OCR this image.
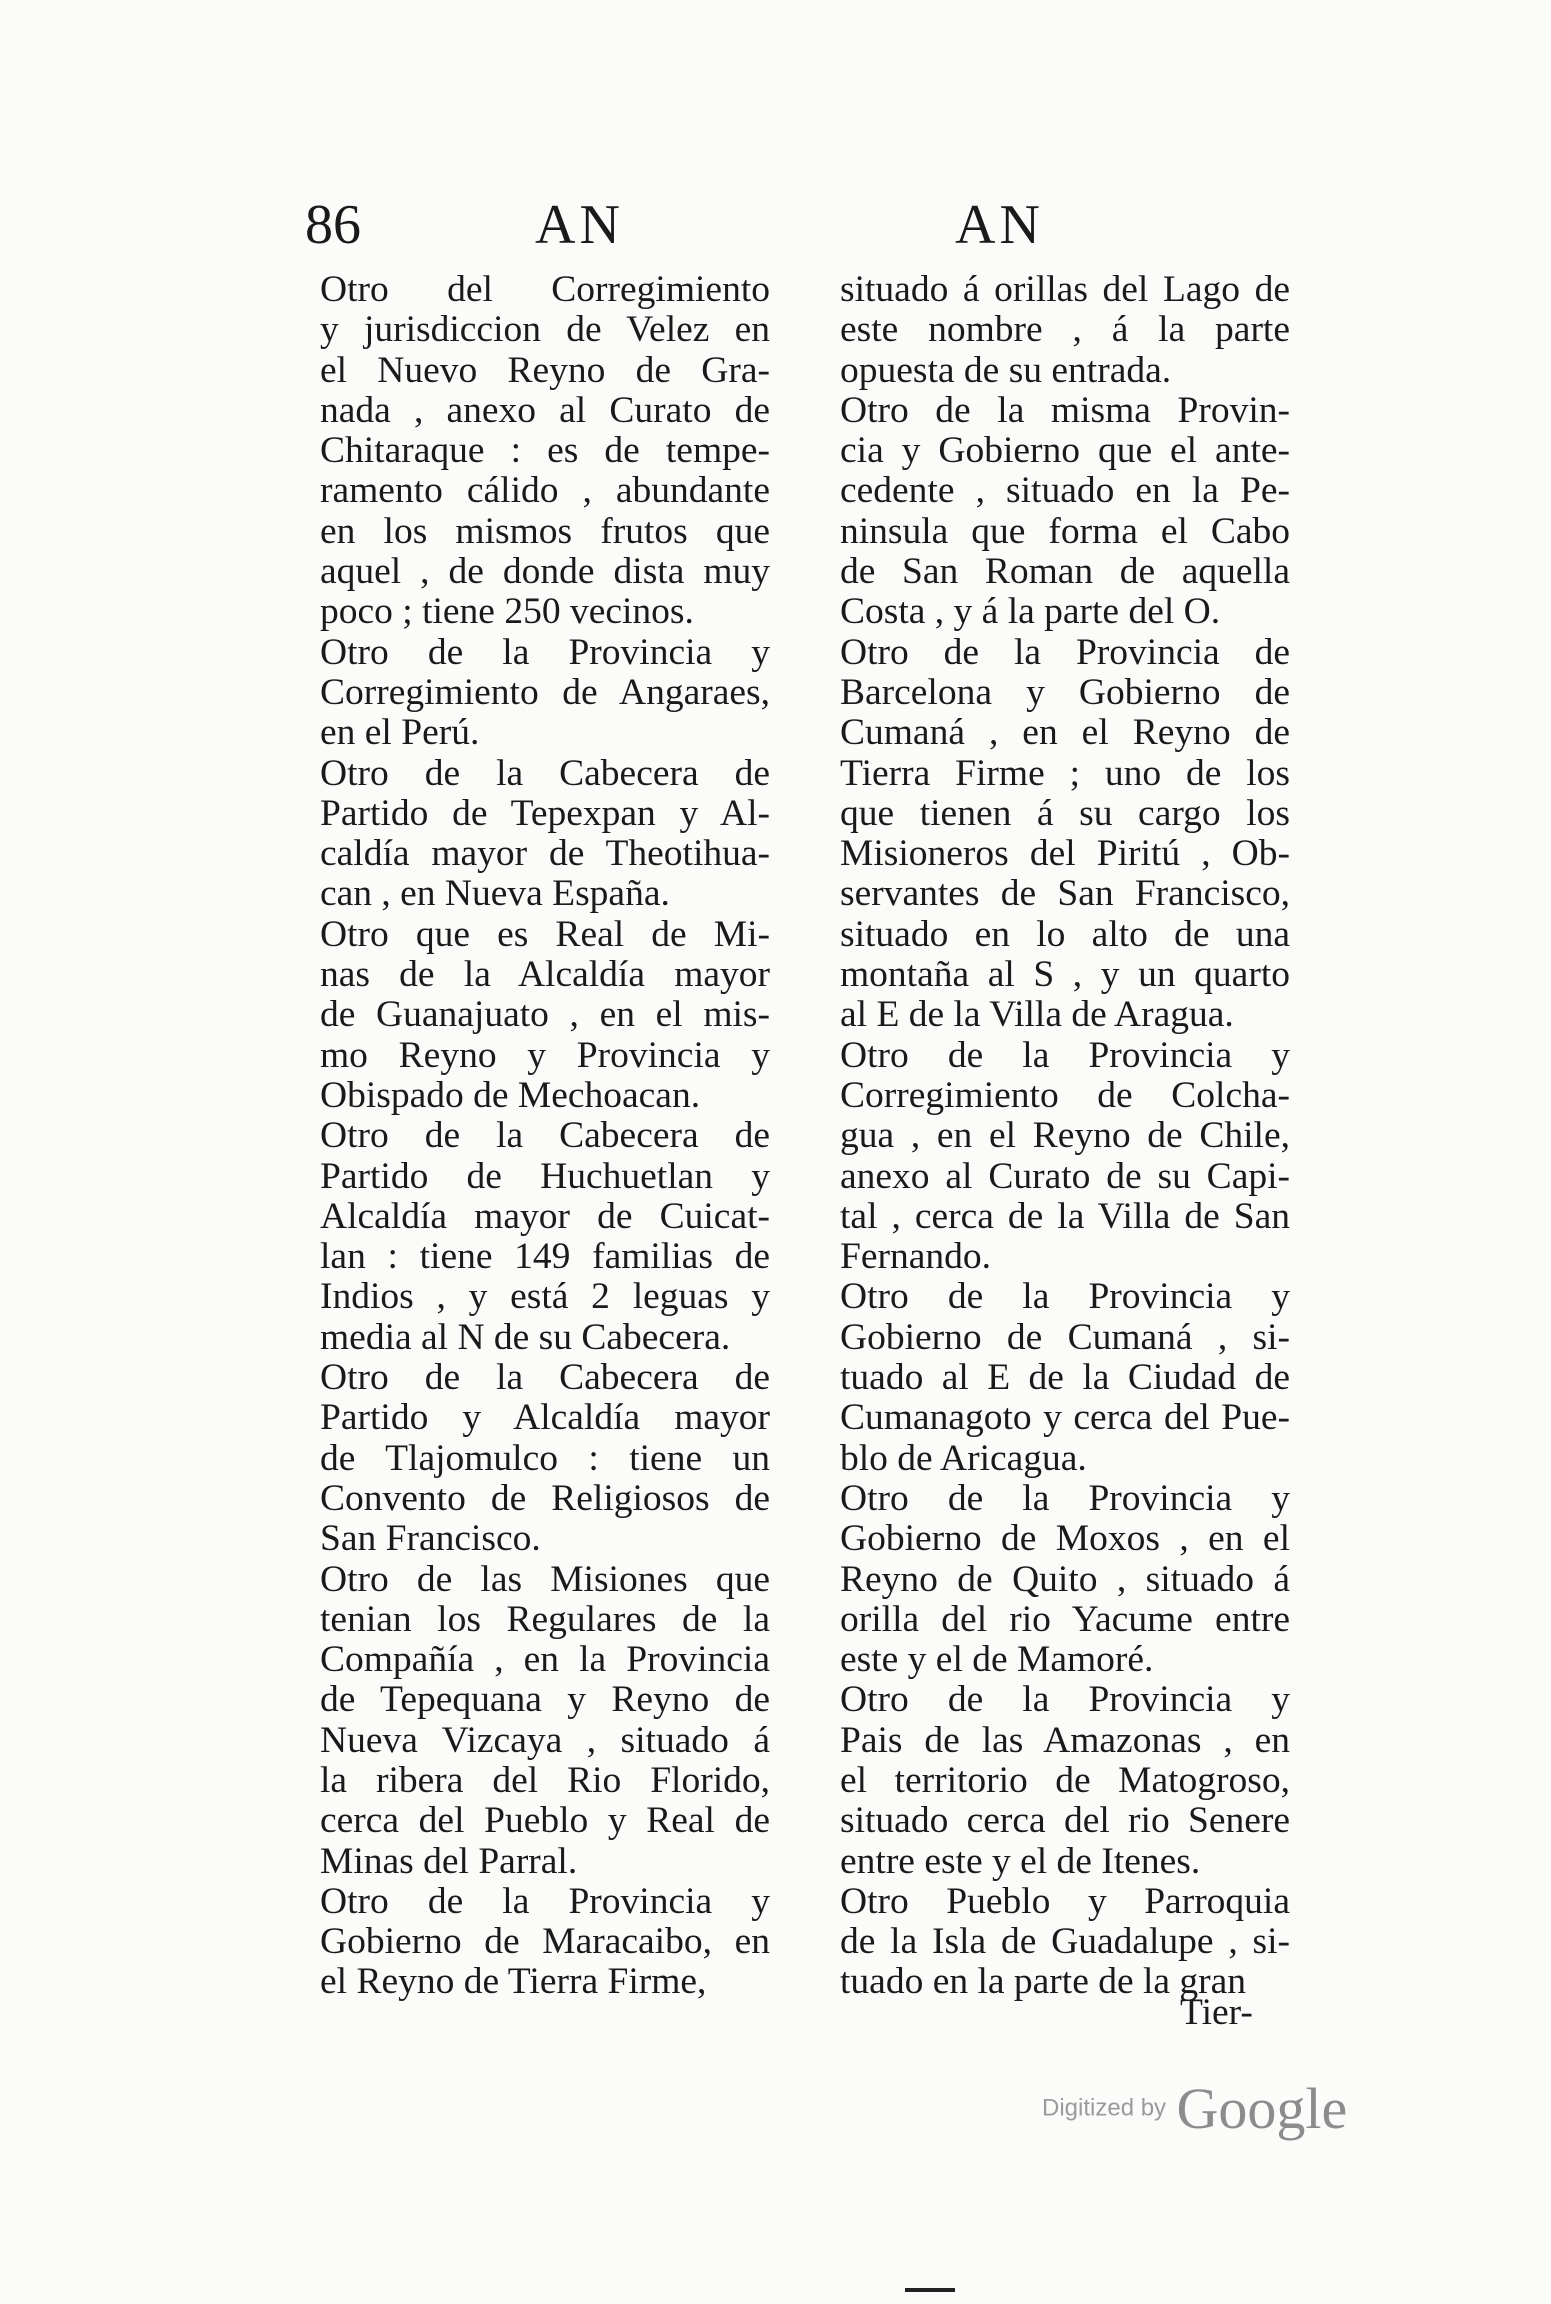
86	AN	AN

Otro del Corregimiento
y jurisdiccion de Velez en
el Nuevo Reyno de Gra-
nada , anexo al Curato de
Chitaraque : es de tempe-
ramento cálido , abundante
en los mismos frutos que
aquel , de donde dista muy
poco ; tiene 250 vecinos.

Otro de la Provincia y
Corregimiento de Angaraes,
en el Perú.

Otro de la Cabecera de
Partido de Tepexpan y Al-
caldía mayor de Theotihua-
can , en Nueva España.

Otro que es Real de Mi-
nas de la Alcaldía mayor
de Guanajuato , en el mis-
mo Reyno y Provincia y
Obispado de Mechoacan.

Otro de la Cabecera de
Partido de Huchuetlan y
Alcaldía mayor de Cuicat-
lan : tiene 149 familias de
Indios , y está 2 leguas y
media al N de su Cabecera.

Otro de la Cabecera de
Partido y Alcaldía mayor
de Tlajomulco : tiene un
Convento de Religiosos de
San Francisco.

Otro de las Misiones que
tenian los Regulares de la
Compañía , en la Provincia
de Tepequana y Reyno de
Nueva Vizcaya , situado á
la ribera del Rio Florido,
cerca del Pueblo y Real de
Minas del Parral.

Otro de la Provincia y
Gobierno de Maracaibo, en
el Reyno de Tierra Firme,

situado á orillas del Lago de
este nombre , á la parte
opuesta de su entrada.

Otro de la misma Provin-
cia y Gobierno que el ante-
cedente , situado en la Pe-
ninsula que forma el Cabo
de San Roman de aquella
Costa , y á la parte del O.

Otro de la Provincia de
Barcelona y Gobierno de
Cumaná , en el Reyno de
Tierra Firme ; uno de los
que tienen á su cargo los
Misioneros del Piritú , Ob-
servantes de San Francisco,
situado en lo alto de una
montaña al S , y un quarto
al E de la Villa de Aragua.

Otro de la Provincia y
Corregimiento de Colcha-
gua , en el Reyno de Chile,
anexo al Curato de su Capi-
tal , cerca de la Villa de San
Fernando.

Otro de la Provincia y
Gobierno de Cumaná , si-
tuado al E de la Ciudad de
Cumanagoto y cerca del Pue-
blo de Aricagua.

Otro de la Provincia y
Gobierno de Moxos , en el
Reyno de Quito , situado á
orilla del rio Yacume entre
este y el de Mamoré.

Otro de la Provincia y
Pais de las Amazonas , en
el territorio de Matogroso,
situado cerca del rio Senere
entre este y el de Itenes.

Otro Pueblo y Parroquia
de la Isla de Guadalupe , si-
tuado en la parte de la gran

Tier-
Digitized by Google
